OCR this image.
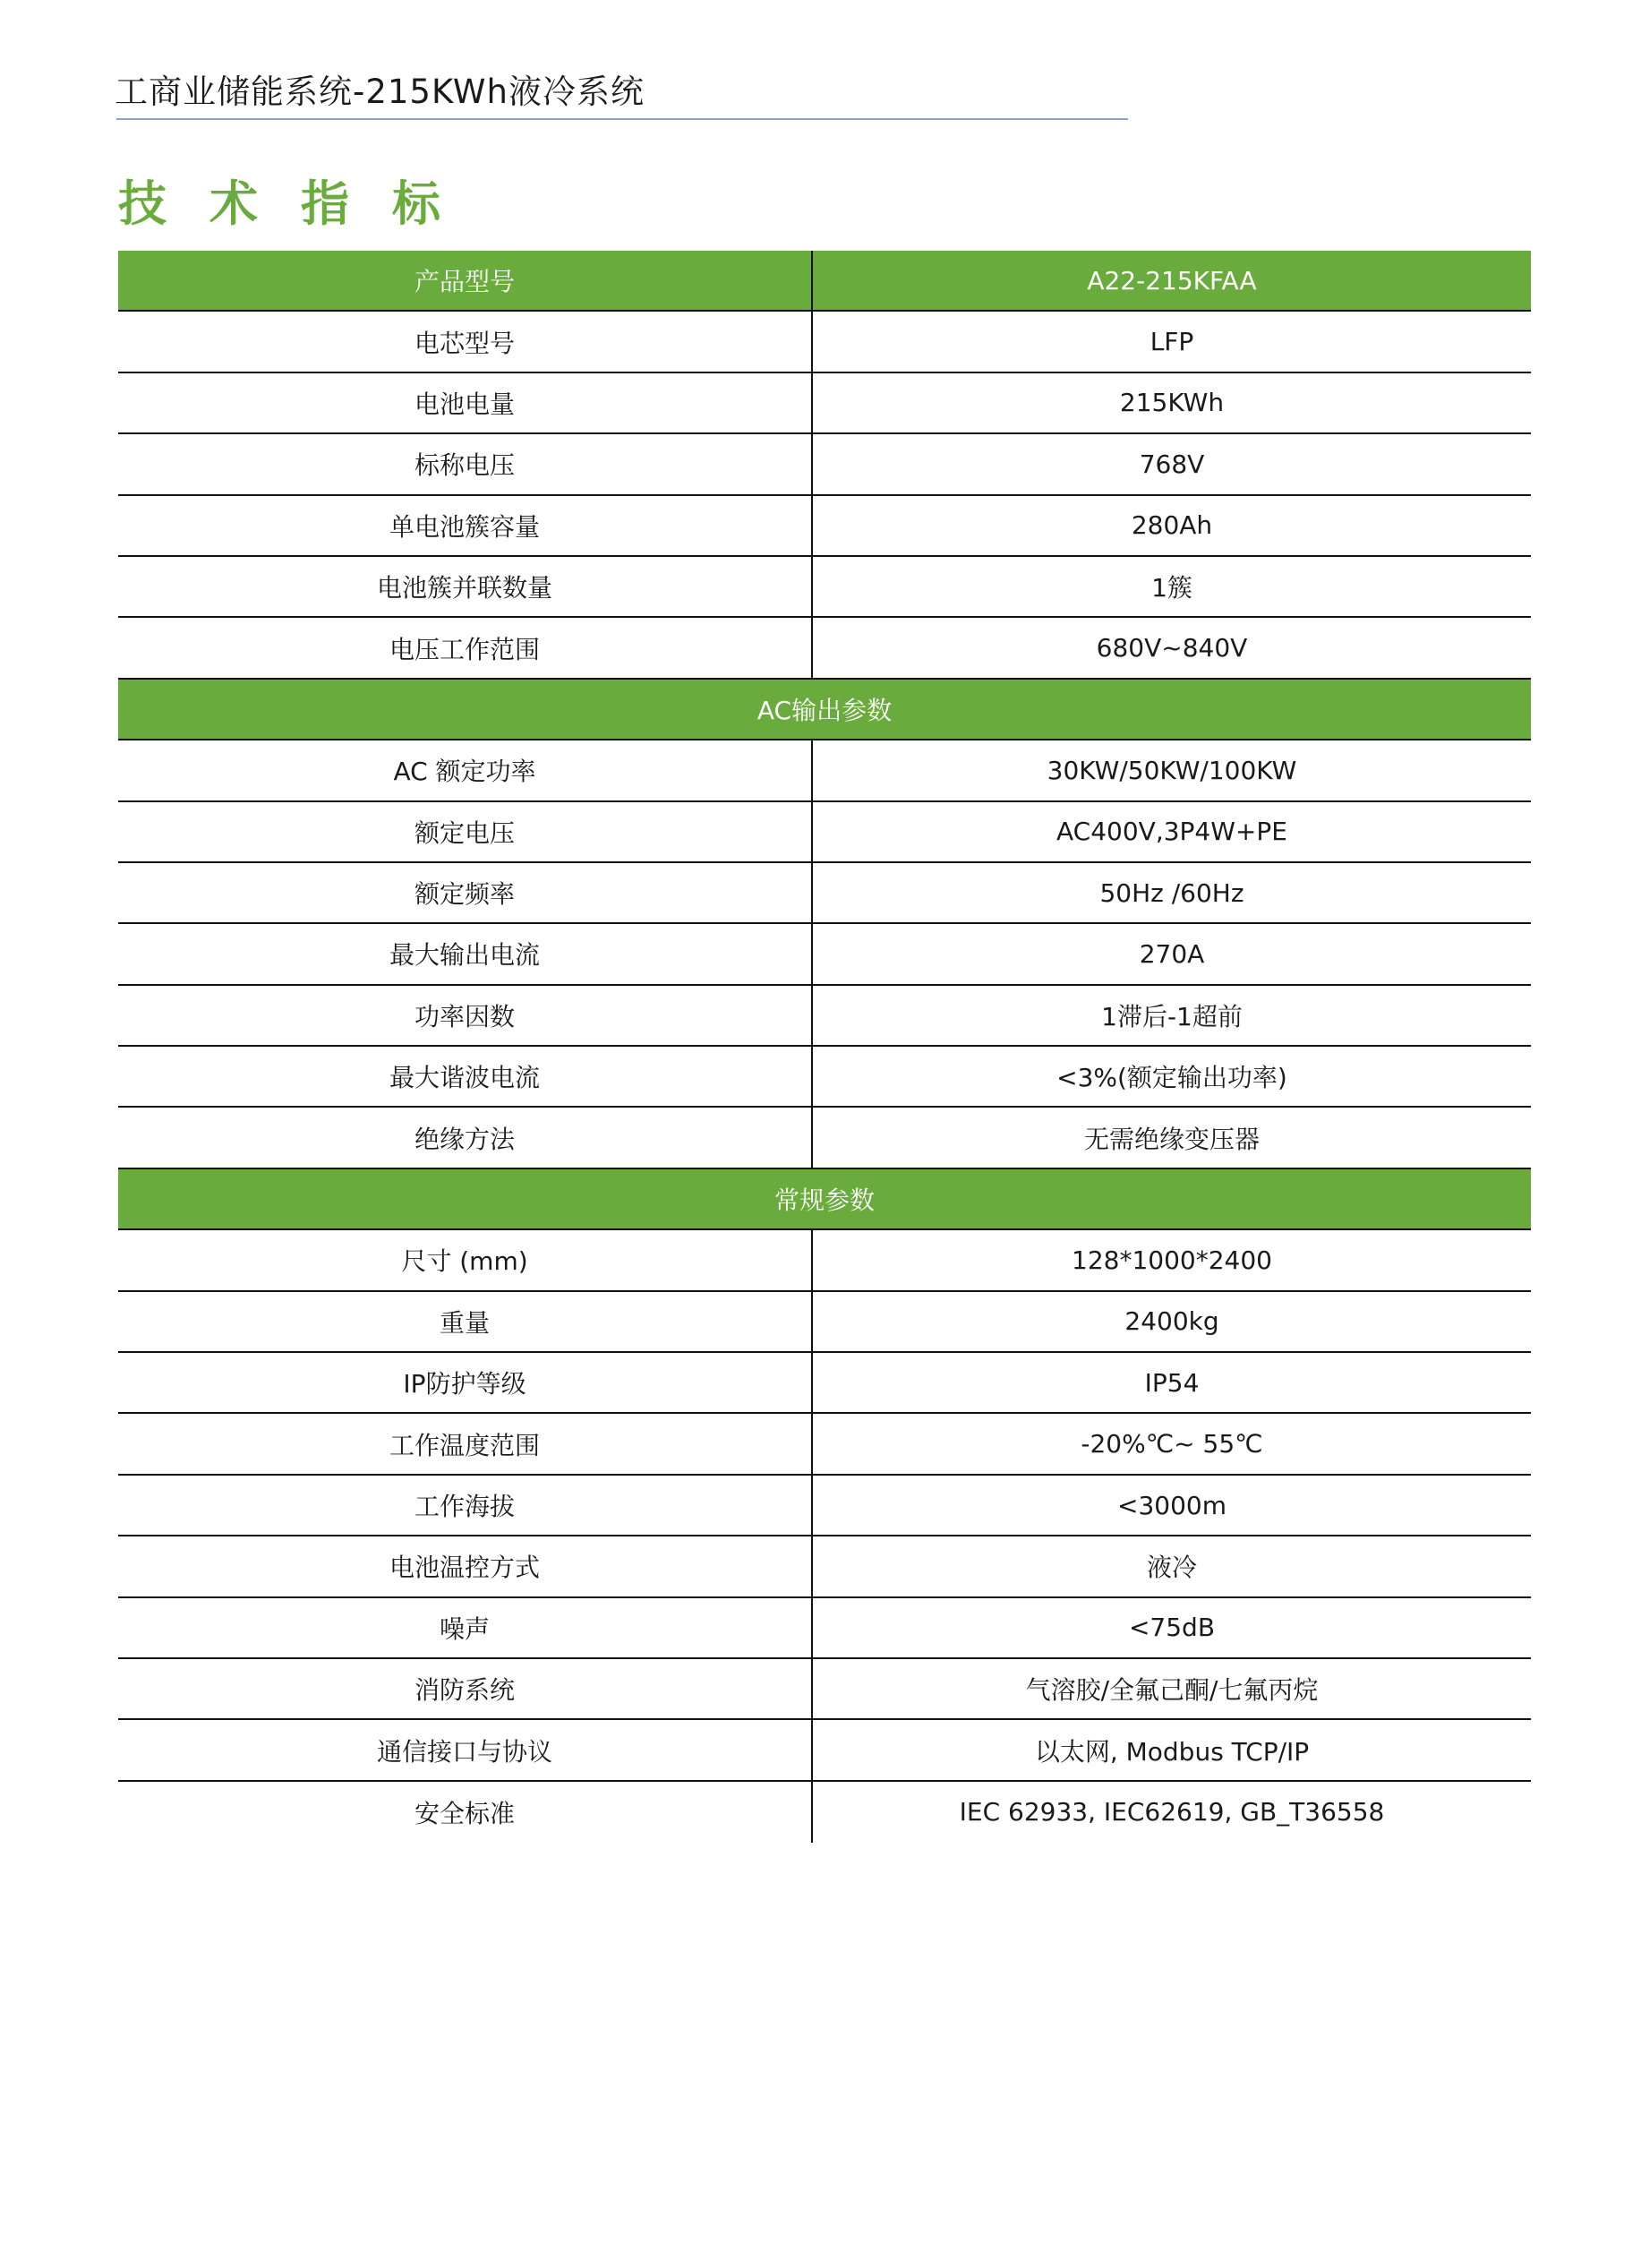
工商业储能系统-215KWh液冷系统
技术指标
产品型号	A22-215KFAA
电芯型号	LFP
电池电量	215KWh
标称电压	768V
单电池簇容量	280Ah
电池簇并联数量	1簇
电压工作范围	680V~840V
AC输出参数
AC 额定功率	30KW/50KW/100KW
额定电压	AC400V,3P4W+PE
额定频率	50Hz /60Hz
最大输出电流	270A
功率因数	1滞后-1超前
最大谐波电流	<3%(额定输出功率)
绝缘方法	无需绝缘变压器
常规参数
尺寸 (mm)	128*1000*2400
重量	2400kg
IP防护等级	IP54
工作温度范围	-20%℃~ 55℃
工作海拔	<3000m
电池温控方式	液冷
噪声	<75dB
消防系统	气溶胶/全氟己酮/七氟丙烷
通信接口与协议	以太网, Modbus TCP/IP
安全标准	IEC 62933, IEC62619, GB_T36558
